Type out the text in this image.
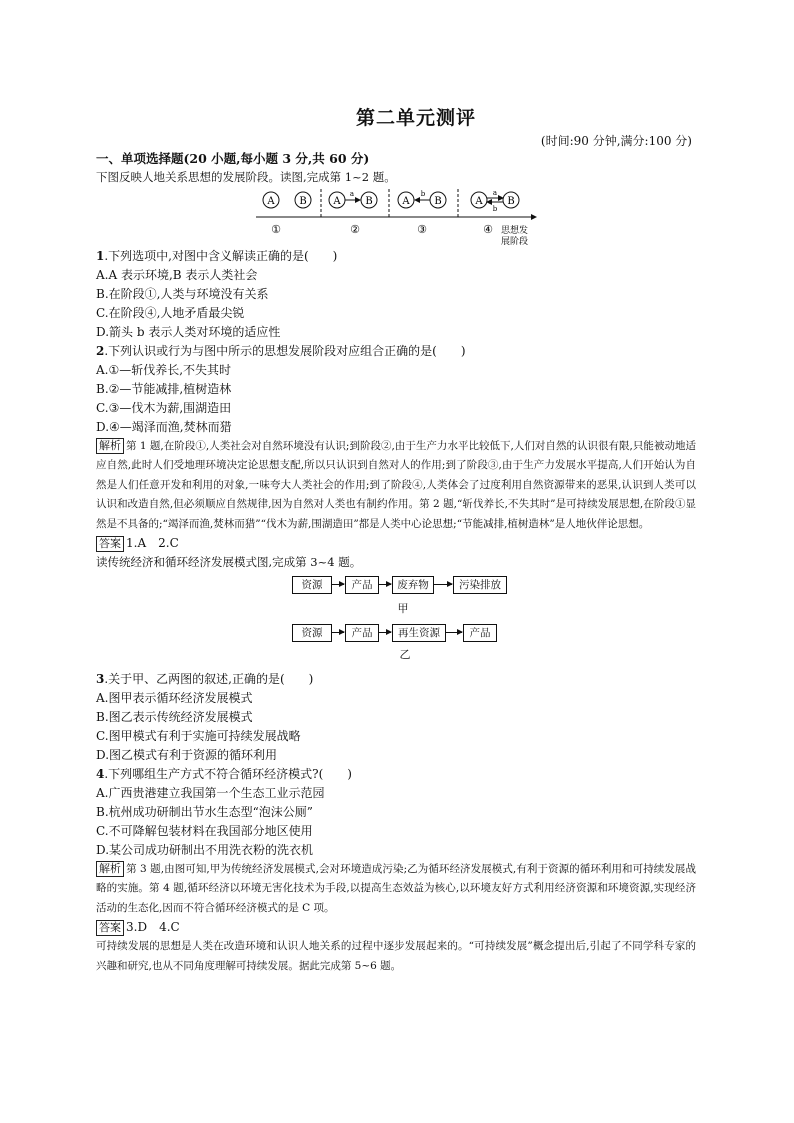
第二单元测评
(时间:90 分钟,满分:100 分)
一、单项选择题(20 小题,每小题 3 分,共 60 分)
下图反映人地关系思想的发展阶段。读图,完成第 1~2 题。
A B	A
a
B	A
b
B	A
a
b
B
①	②	③	④ 思想发
展阶段
1.下列选项中,对图中含义解读正确的是(　　)
A.A 表示环境,B 表示人类社会
B.在阶段①,人类与环境没有关系
C.在阶段④,人地矛盾最尖锐
D.箭头 b 表示人类对环境的适应性
2.下列认识或行为与图中所示的思想发展阶段对应组合正确的是(　　)
A.①—斩伐养长,不失其时
B.②—节能减排,植树造林
C.③—伐木为薪,围湖造田
D.④—竭泽而渔,焚林而猎
解析 第 1 题,在阶段①,人类社会对自然环境没有认识;到阶段②,由于生产力水平比较低下,人们对自然的认识很有限,只能被动地适应自然,此时人们受地理环境决定论思想支配,所以只认识到自然对人的作用;到了阶段③,由于生产力发展水平提高,人们开始认为自然是人们任意开发和利用的对象,一味夸大人类社会的作用;到了阶段④,人类体会了过度利用自然资源带来的恶果,认识到人类可以认识和改造自然,但必须顺应自然规律,因为自然对人类也有制约作用。第 2 题,“斩伐养长,不失其时”是可持续发展思想,在阶段①显然是不具备的;“竭泽而渔,焚林而猎”“伐木为薪,围湖造田”都是人类中心论思想;“节能减排,植树造林”是人地伙伴论思想。
答案 1.A　2.C
读传统经济和循环经济发展模式图,完成第 3~4 题。
资源	产品	废弃物	污染排放
甲
资源	产品	再生资源	产品
乙
3.关于甲、乙两图的叙述,正确的是(　　)
A.图甲表示循环经济发展模式
B.图乙表示传统经济发展模式
C.图甲模式有利于实施可持续发展战略
D.图乙模式有利于资源的循环利用
4.下列哪组生产方式不符合循环经济模式?(　　)
A.广西贵港建立我国第一个生态工业示范园
B.杭州成功研制出节水生态型“泡沫公厕”
C.不可降解包装材料在我国部分地区使用
D.某公司成功研制出不用洗衣粉的洗衣机
解析 第 3 题,由图可知,甲为传统经济发展模式,会对环境造成污染;乙为循环经济发展模式,有利于资源的循环利用和可持续发展战略的实施。第 4 题,循环经济以环境无害化技术为手段,以提高生态效益为核心,以环境友好方式利用经济资源和环境资源,实现经济活动的生态化,因而不符合循环经济模式的是 C 项。
答案 3.D　4.C
可持续发展的思想是人类在改造环境和认识人地关系的过程中逐步发展起来的。“可持续发展”概念提出后,引起了不同学科专家的兴趣和研究,也从不同角度理解可持续发展。据此完成第 5~6 题。
